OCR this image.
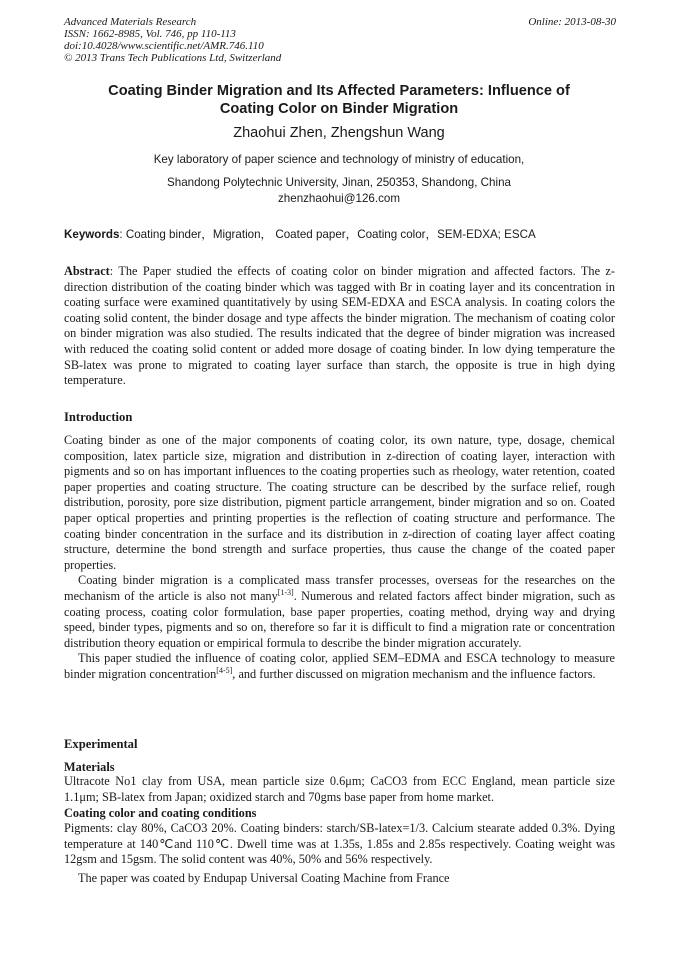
Advanced Materials Research
ISSN: 1662-8985, Vol. 746, pp 110-113
doi:10.4028/www.scientific.net/AMR.746.110
© 2013 Trans Tech Publications Ltd, Switzerland
Online: 2013-08-30
Coating Binder Migration and Its Affected Parameters: Influence of
Coating Color on Binder Migration
Zhaohui Zhen, Zhengshun Wang
Key laboratory of paper science and technology of ministry of education,
Shandong Polytechnic University, Jinan, 250353, Shandong, China
zhenzhaohui@126.com
Keywords: Coating binder，Migration， Coated paper，Coating color，SEM-EDXA; ESCA
Abstract: The Paper studied the effects of coating color on binder migration and affected factors. The z-direction distribution of the coating binder which was tagged with Br in coating layer and its concentration in coating surface were examined quantitatively by using SEM-EDXA and ESCA analysis. In coating colors the coating solid content, the binder dosage and type affects the binder migration. The mechanism of coating color on binder migration was also studied. The results indicated that the degree of binder migration was increased with reduced the coating solid content or added more dosage of coating binder. In low dying temperature the SB-latex was prone to migrated to coating layer surface than starch, the opposite is true in high dying temperature.
Introduction

Coating binder as one of the major components of coating color, its own nature, type, dosage, chemical composition, latex particle size, migration and distribution in z-direction of coating layer, interaction with pigments and so on has important influences to the coating properties such as rheology, water retention, coated paper properties and coating structure. The coating structure can be described by the surface relief, rough distribution, porosity, pore size distribution, pigment particle arrangement, binder migration and so on. Coated paper optical properties and printing properties is the reflection of coating structure and performance. The coating binder concentration in the surface and its distribution in z-direction of coating layer affect coating structure, determine the bond strength and surface properties, thus cause the change of the coated paper properties.

Coating binder migration is a complicated mass transfer processes, overseas for the researches on the mechanism of the article is also not many[1-3]. Numerous and related factors affect binder migration, such as coating process, coating color formulation, base paper properties, coating method, drying way and drying speed, binder types, pigments and so on, therefore so far it is difficult to find a migration rate or concentration distribution theory equation or empirical formula to describe the binder migration accurately.

This paper studied the influence of coating color, applied SEM–EDMA and ESCA technology to measure binder migration concentration[4-5], and further discussed on migration mechanism and the influence factors.

Experimental
Materials

Ultracote No1 clay from USA, mean particle size 0.6μm; CaCO3 from ECC England, mean particle size 1.1μm; SB-latex from Japan; oxidized starch and 70gms base paper from home market.

Coating color and coating conditions

Pigments: clay 80%, CaCO3 20%. Coating binders: starch/SB-latex=1/3. Calcium stearate added 0.3%. Dying temperature at 140℃and 110℃. Dwell time was at 1.35s, 1.85s and 2.85s respectively. Coating weight was 12gsm and 15gsm. The solid content was 40%, 50% and 56% respectively.

The paper was coated by Endupap Universal Coating Machine from France
